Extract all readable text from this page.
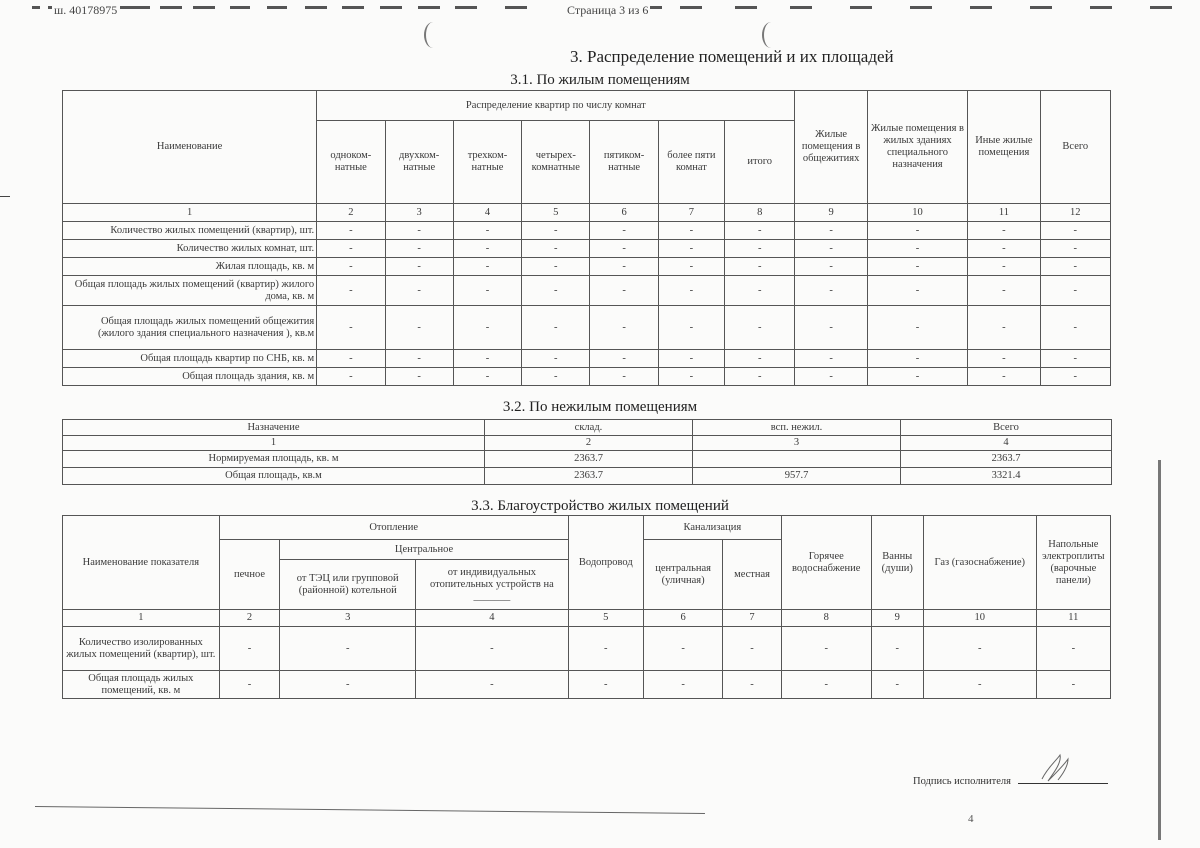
ш. 40178975	Страница 3 из 6
3. Распределение помещений и их площадей
3.1. По жилым помещениям
Наименование	Распределение квартир по числу комнат							Жилые помещения в общежитиях	Жилые помещения в жилых зданиях специального назначения	Иные жилые помещения	Всего
	одноком-натные	двухком-натные	трехком-натные	четырех-комнатные	пятиком-натные	более пяти комнат	итого				
1	2	3	4	5	6	7	8	9	10	11	12
Количество жилых помещений (квартир), шт.	-	-	-	-	-	-	-	-	-	-	-
Количество жилых комнат, шт.	-	-	-	-	-	-	-	-	-	-	-
Жилая площадь, кв. м	-	-	-	-	-	-	-	-	-	-	-
Общая площадь жилых помещений (квартир) жилого дома, кв. м	-	-	-	-	-	-	-	-	-	-	-
Общая площадь жилых помещений общежития (жилого здания специального назначения ), кв.м	-	-	-	-	-	-	-	-	-	-	-
Общая площадь квартир по СНБ, кв. м	-	-	-	-	-	-	-	-	-	-	-
Общая площадь здания, кв. м	-	-	-	-	-	-	-	-	-	-	-
3.2. По нежилым помещениям
Назначение	склад.	всп. нежил.	Всего
1	2	3	4
Нормируемая площадь, кв. м	2363.7		2363.7
Общая площадь, кв.м	2363.7	957.7	3321.4
3.3. Благоустройство жилых помещений
Наименование показателя	Отопление			Водопровод	Канализация		Горячее водоснабжение	Ванны (души)	Газ (газоснабжение)	Напольные электроплиты (варочные панели)
	печное	Центральное			центральная (уличная)	местная				
		от ТЭЦ или групповой (районной) котельной	от индивидуальных отопительных устройств на _______							
1	2	3	4	5	6	7	8	9	10	11
Количество изолированных жилых помещений (квартир), шт.	-	-	-	-	-	-	-	-	-	-
Общая площадь жилых помещений, кв. м	-	-	-	-	-	-	-	-	-	-
Подпись исполнителя
4
